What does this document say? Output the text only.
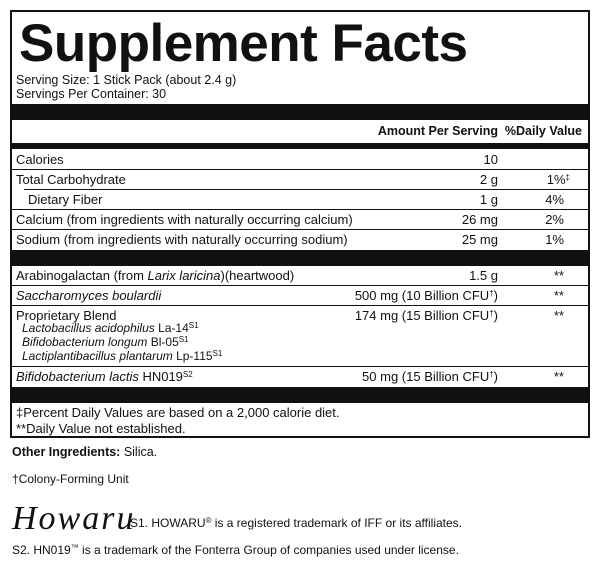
Supplement Facts
Serving Size: 1 Stick Pack (about 2.4 g)
Servings Per Container: 30
Amount Per Serving %Daily Value
Calories	10
Total Carbohydrate	2 g	1%‡
Dietary Fiber	1 g	4%
Calcium (from ingredients with naturally occurring calcium)	26 mg	2%
Sodium (from ingredients with naturally occurring sodium)	25 mg	1%
Arabinogalactan (from Larix laricina)(heartwood)	1.5 g	**
Saccharomyces boulardii	500 mg (10 Billion CFU†)	**
Proprietary Blend	174 mg (15 Billion CFU†)	**
Lactobacillus acidophilus $La-14^{S1}$
Bifidobacterium longum $Bl-05^{S1}$
Lactiplantibacillus plantarum $Lp-115^{S1}$
Bifidobacterium lactis $HN019^{S2}$	50 mg (15 Billion CFU†)	**
‡Percent Daily Values are based on a 2,000 calorie diet.
**Daily Value not established.
Other Ingredients: Silica.
†Colony-Forming Unit
Howaru
S1. HOWARU® is a registered trademark of IFF or its affiliates.
S2. HN019™ is a trademark of the Fonterra Group of companies used under license.
